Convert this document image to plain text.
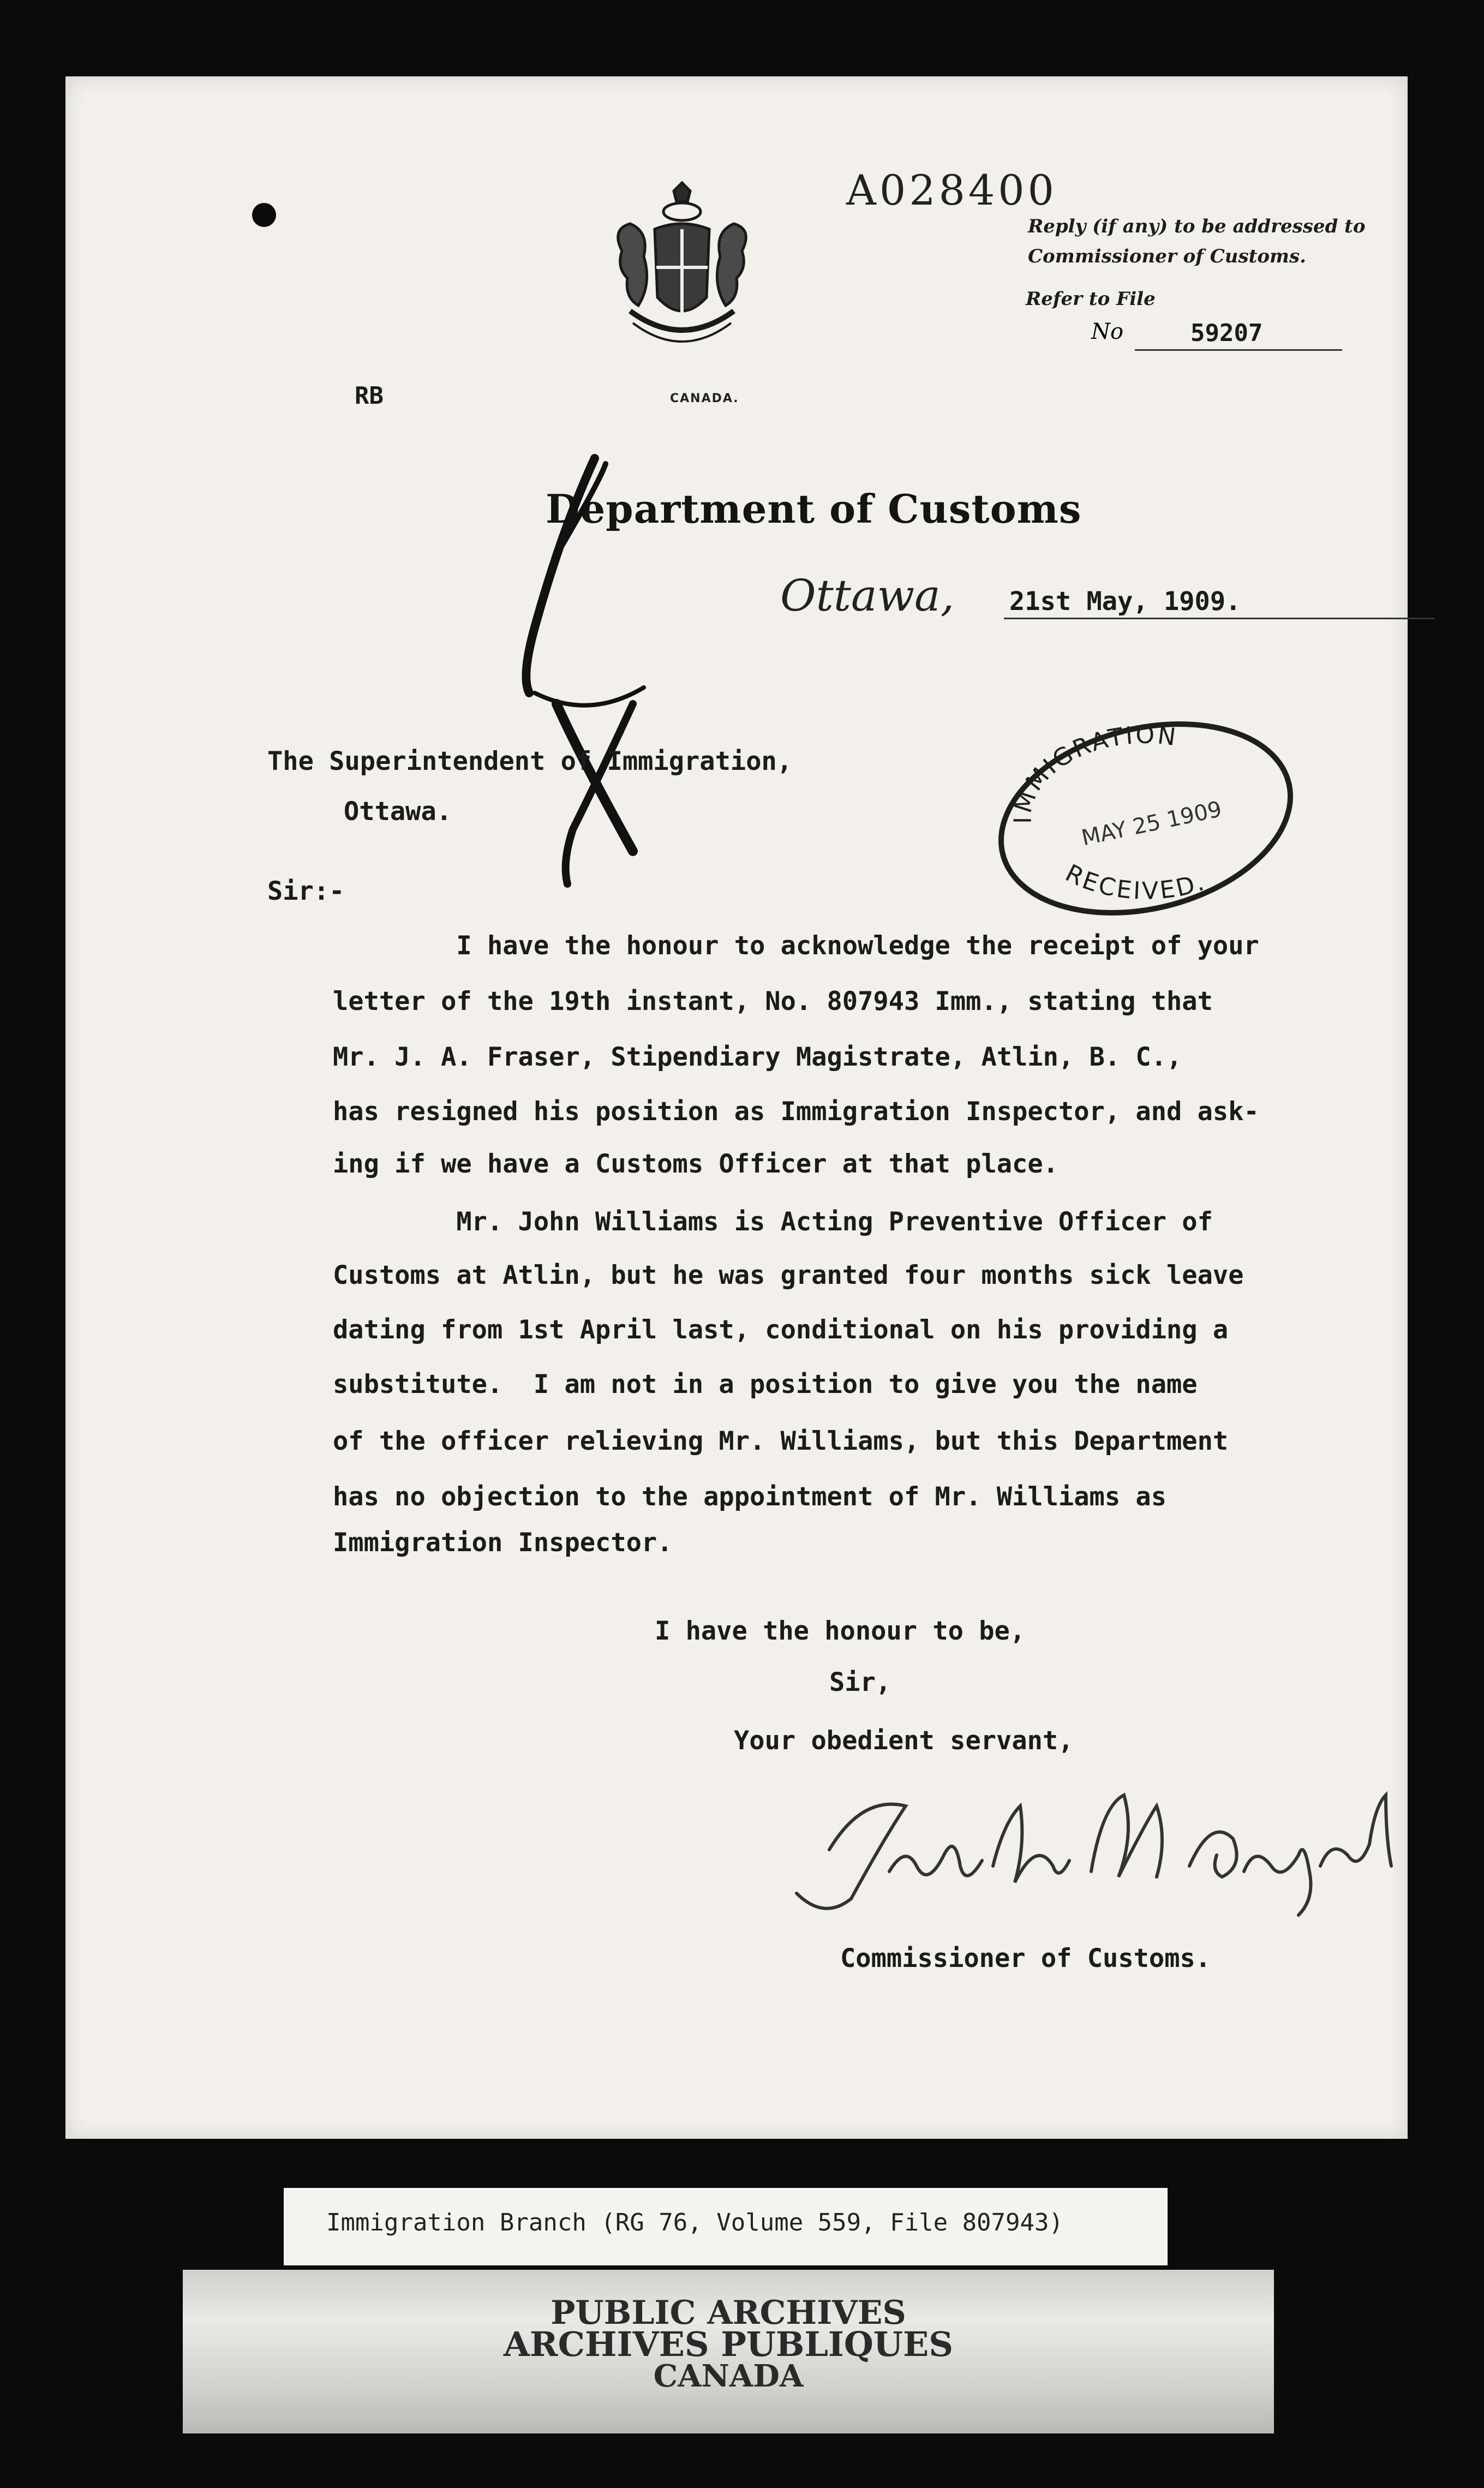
A028400
Reply (if any) to be addressed to
Commissioner of Customs.
Refer to File
No	59207
CANADA.
RB
Department of Customs
Ottawa, 21st May, 1909.
The Superintendent of Immigration,
Ottawa.
Sir:-
I have the honour to acknowledge the receipt of your
letter of the 19th instant, No. 807943 Imm., stating that
Mr. J. A. Fraser, Stipendiary Magistrate, Atlin, B. C.,
has resigned his position as Immigration Inspector, and ask-
ing if we have a Customs Officer at that place.
Mr. John Williams is Acting Preventive Officer of
Customs at Atlin, but he was granted four months sick leave
dating from 1st April last, conditional on his providing a
substitute.  I am not in a position to give you the name
of the officer relieving Mr. Williams, but this Department
has no objection to the appointment of Mr. Williams as
Immigration Inspector.
IMMIGRATION
MAY 25 1909
RECEIVED.
I have the honour to be,
Sir,
Your obedient servant,
Commissioner of Customs.
Immigration Branch (RG 76, Volume 559, File 807943)
PUBLIC ARCHIVES
ARCHIVES PUBLIQUES
CANADA
